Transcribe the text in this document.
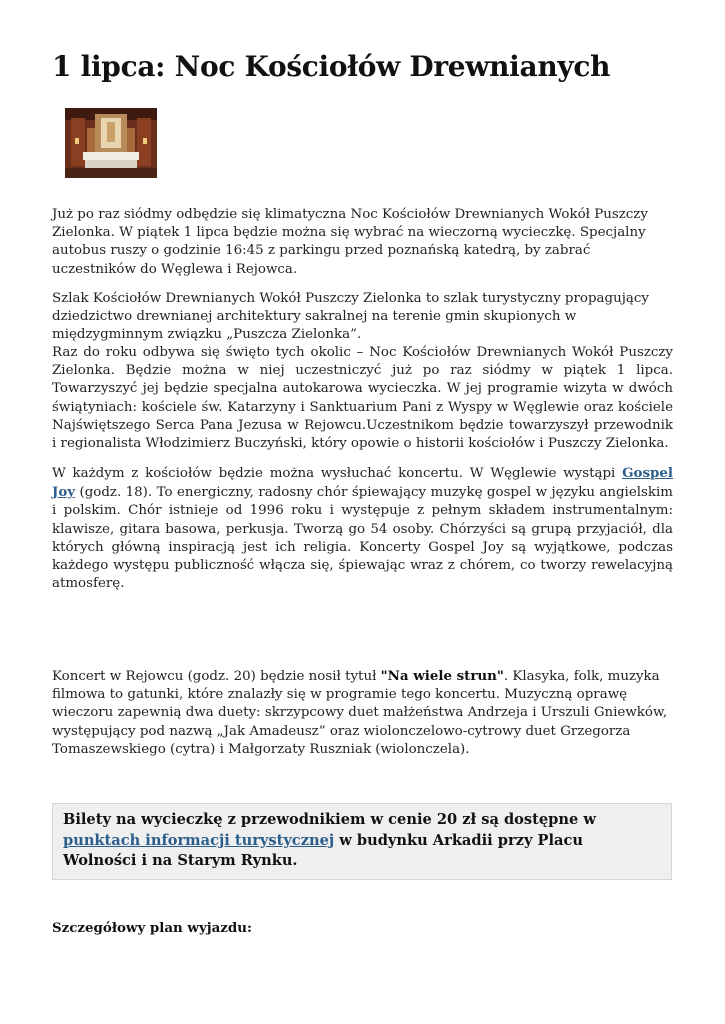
1 lipca: Noc Kościołów Drewnianych

Już po raz siódmy odbędzie się klimatyczna Noc Kościołów Drewnianych Wokół Puszczy Zielonka. W piątek 1 lipca będzie można się wybrać na wieczorną wycieczkę. Specjalny autobus ruszy o godzinie 16:45 z parkingu przed poznańską katedrą, by zabrać uczestników do Węglewa i Rejowca.

Szlak Kościołów Drewnianych Wokół Puszczy Zielonka to szlak turystyczny propagujący dziedzictwo drewnianej architektury sakralnej na terenie gmin skupionych w międzygminnym związku „Puszcza Zielonka”.

Raz do roku odbywa się święto tych okolic – Noc Kościołów Drewnianych Wokół Puszczy Zielonka. Będzie można w niej uczestniczyć już po raz siódmy w piątek 1 lipca. Towarzyszyć jej będzie specjalna autokarowa wycieczka. W jej programie wizyta w dwóch świątyniach: kościele św. Katarzyny i Sanktuarium Pani z Wyspy w Węglewie oraz kościele Najświętszego Serca Pana Jezusa w Rejowcu.Uczestnikom będzie towarzyszył przewodnik i regionalista Włodzimierz Buczyński, który opowie o historii kościołów i Puszczy Zielonka.

W każdym z kościołów będzie można wysłuchać koncertu. W Węglewie wystąpi Gospel Joy (godz. 18). To energiczny, radosny chór śpiewający muzykę gospel w języku angielskim i polskim. Chór istnieje od 1996 roku i występuje z pełnym składem instrumentalnym: klawisze, gitara basowa, perkusja. Tworzą go 54 osoby. Chórzyści są grupą przyjaciół, dla których główną inspiracją jest ich religia. Koncerty Gospel Joy są wyjątkowe, podczas każdego występu publiczność włącza się, śpiewając wraz z chórem, co tworzy rewelacyjną atmosferę.

Koncert w Rejowcu (godz. 20) będzie nosił tytuł "Na wiele strun". Klasyka, folk, muzyka filmowa to gatunki, które znalazły się w programie tego koncertu. Muzyczną oprawę wieczoru zapewnią dwa duety: skrzypcowy duet małżeństwa Andrzeja i Urszuli Gniewków, występujący pod nazwą „Jak Amadeusz” oraz wiolonczelowo-cytrowy duet Grzegorza Tomaszewskiego (cytra) i Małgorzaty Ruszniak (wiolonczela).

Bilety na wycieczkę z przewodnikiem w cenie 20 zł są dostępne w punktach informacji turystycznej w budynku Arkadii przy Placu Wolności i na Starym Rynku.

Szczegółowy plan wyjazdu:
